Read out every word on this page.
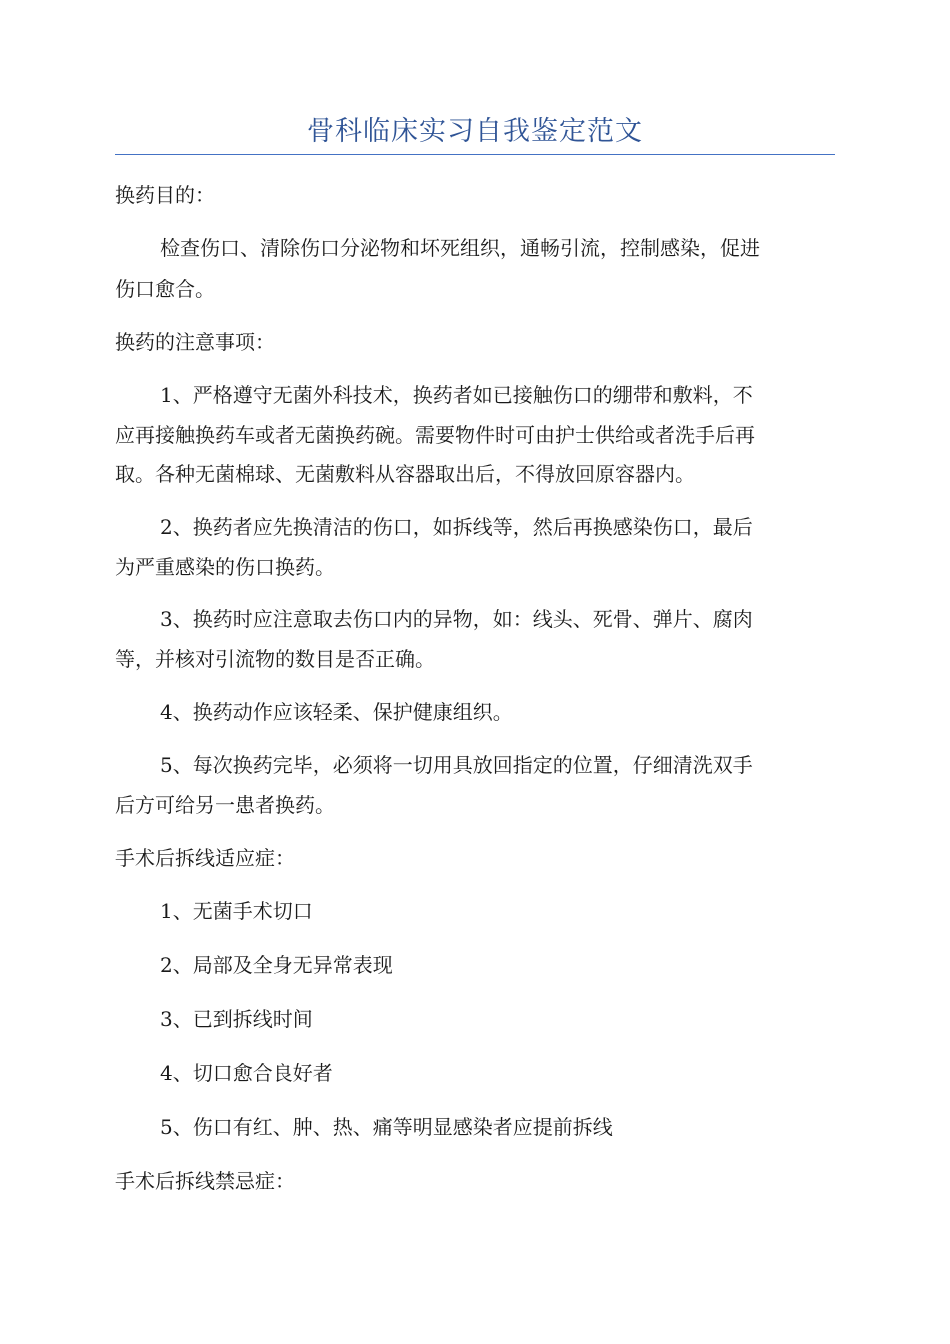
骨科临床实习自我鉴定范文
换药目的：
检查伤口、清除伤口分泌物和坏死组织，通畅引流，控制感染，促进
伤口愈合。
换药的注意事项：
1、严格遵守无菌外科技术，换药者如已接触伤口的绷带和敷料，不
应再接触换药车或者无菌换药碗。需要物件时可由护士供给或者洗手后再
取。各种无菌棉球、无菌敷料从容器取出后，不得放回原容器内。
2、换药者应先换清洁的伤口，如拆线等，然后再换感染伤口，最后
为严重感染的伤口换药。
3、换药时应注意取去伤口内的异物，如：线头、死骨、弹片、腐肉
等，并核对引流物的数目是否正确。
4、换药动作应该轻柔、保护健康组织。
5、每次换药完毕，必须将一切用具放回指定的位置，仔细清洗双手
后方可给另一患者换药。
手术后拆线适应症：
1、无菌手术切口
2、局部及全身无异常表现
3、已到拆线时间
4、切口愈合良好者
5、伤口有红、肿、热、痛等明显感染者应提前拆线
手术后拆线禁忌症：
